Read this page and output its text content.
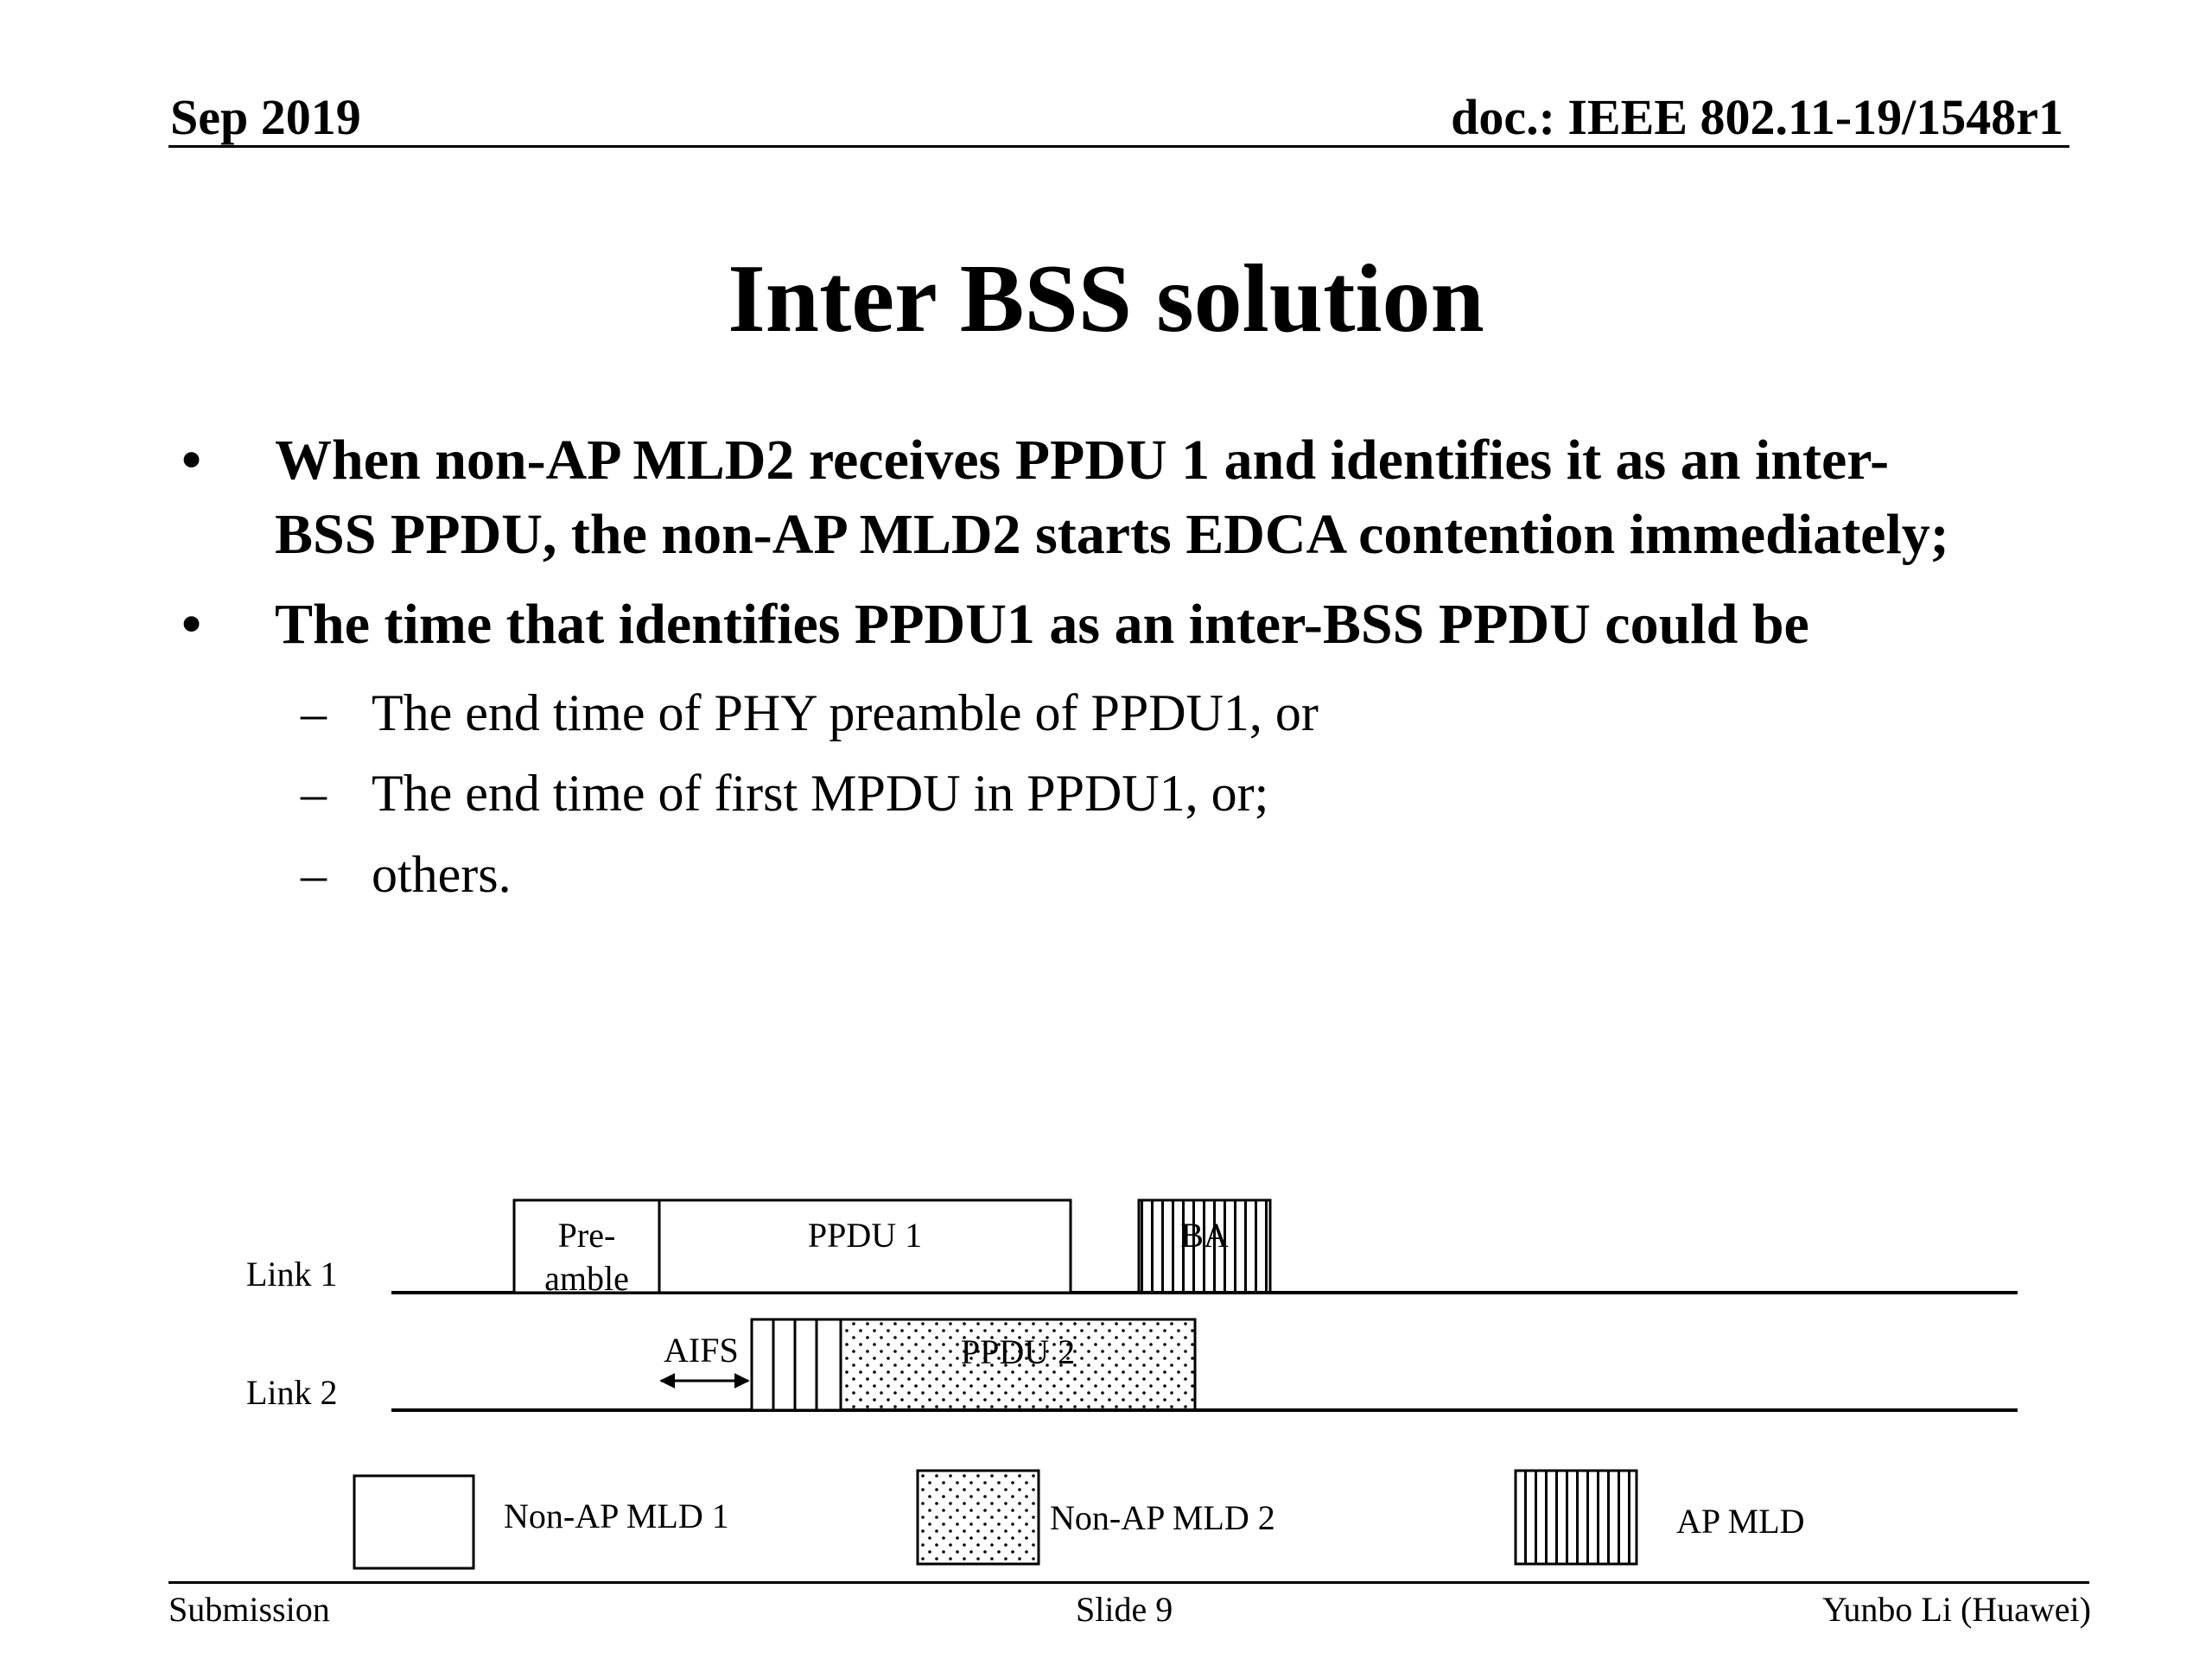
Sep 2019	doc.: IEEE 802.11-19/1548r1
Inter BSS solution
• When non-AP MLD2 receives PPDU 1 and identifies it as an inter-
BSS PPDU, the non-AP MLD2 starts EDCA contention immediately;
• The time that identifies PPDU1 as an inter-BSS PPDU could be
– The end time of PHY preamble of PPDU1, or
– The end time of first MPDU in PPDU1, or;
– others.
Link 1
Link 2
Pre-
amble
PPDU 1	BA
AIFS	PPDU 2
Non-AP MLD 1	Non-AP MLD 2	AP MLD
Submission	Slide 9	Yunbo Li (Huawei)
